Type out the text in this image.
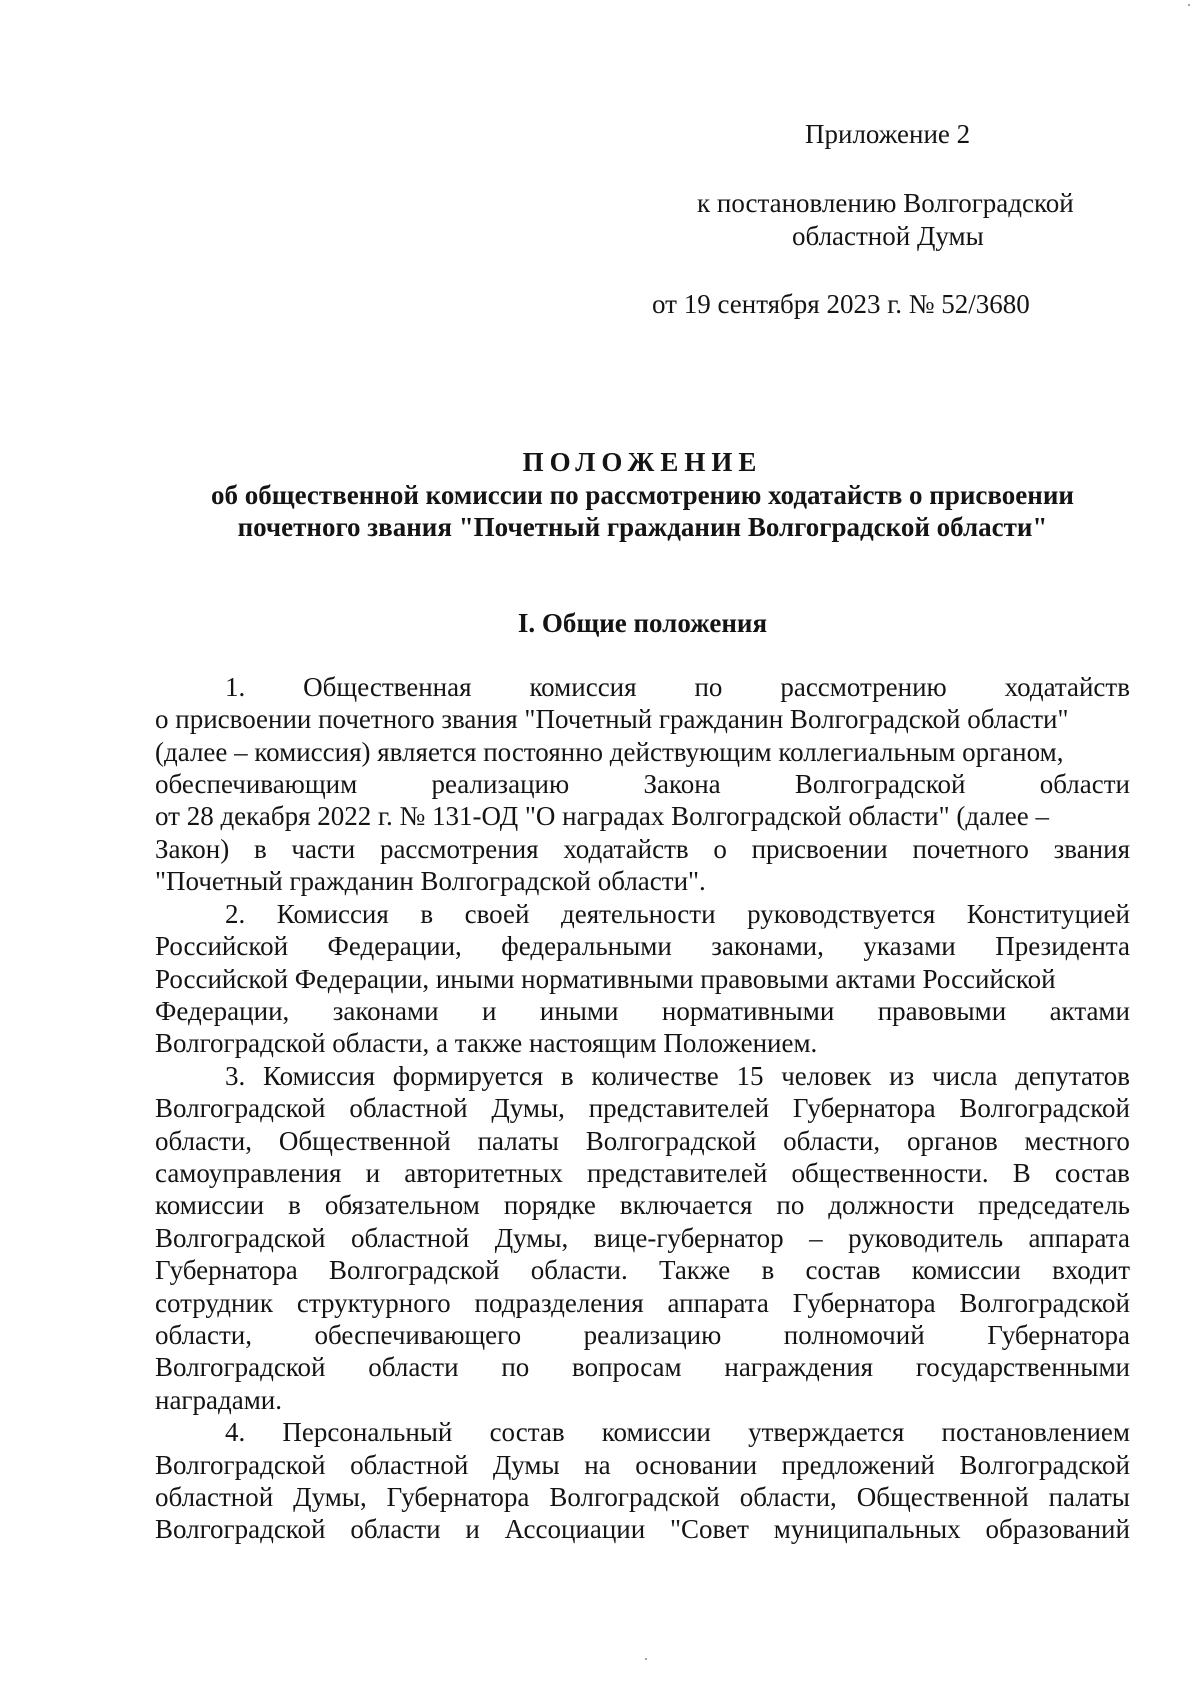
Приложение 2
к постановлению Волгоградской
областной Думы
от 19 сентября 2023 г. № 52/3680
ПОЛОЖЕНИЕ
об общественной комиссии по рассмотрению ходатайств о присвоении
почетного звания "Почетный гражданин Волгоградской области"
I. Общие положения
1. Общественная комиссия по рассмотрению ходатайств
о присвоении почетного звания "Почетный гражданин Волгоградской области"
(далее – комиссия) является постоянно действующим коллегиальным органом,
обеспечивающим	реализацию	Закона	Волгоградской	области
от 28 декабря 2022 г. № 131-ОД "О наградах Волгоградской области" (далее –
Закон) в части рассмотрения ходатайств о присвоении почетного звания
"Почетный гражданин Волгоградской области".
2. Комиссия в своей деятельности руководствуется Конституцией
Российской Федерации, федеральными законами, указами Президента
Российской Федерации, иными нормативными правовыми актами Российской
Федерации, законами и иными нормативными правовыми актами
Волгоградской области, а также настоящим Положением.
3. Комиссия формируется в количестве 15 человек из числа депутатов
Волгоградской областной Думы, представителей Губернатора Волгоградской
области, Общественной палаты Волгоградской области, органов местного
самоуправления и авторитетных представителей общественности. В состав
комиссии в обязательном порядке включается по должности председатель
Волгоградской областной Думы, вице-губернатор – руководитель аппарата
Губернатора Волгоградской области. Также в состав комиссии входит
сотрудник структурного подразделения аппарата Губернатора Волгоградской
области, обеспечивающего реализацию полномочий Губернатора
Волгоградской области по вопросам награждения государственными
наградами.
4. Персональный состав комиссии утверждается постановлением
Волгоградской областной Думы на основании предложений Волгоградской
областной Думы, Губернатора Волгоградской области, Общественной палаты
Волгоградской области и Ассоциации "Совет муниципальных образований
